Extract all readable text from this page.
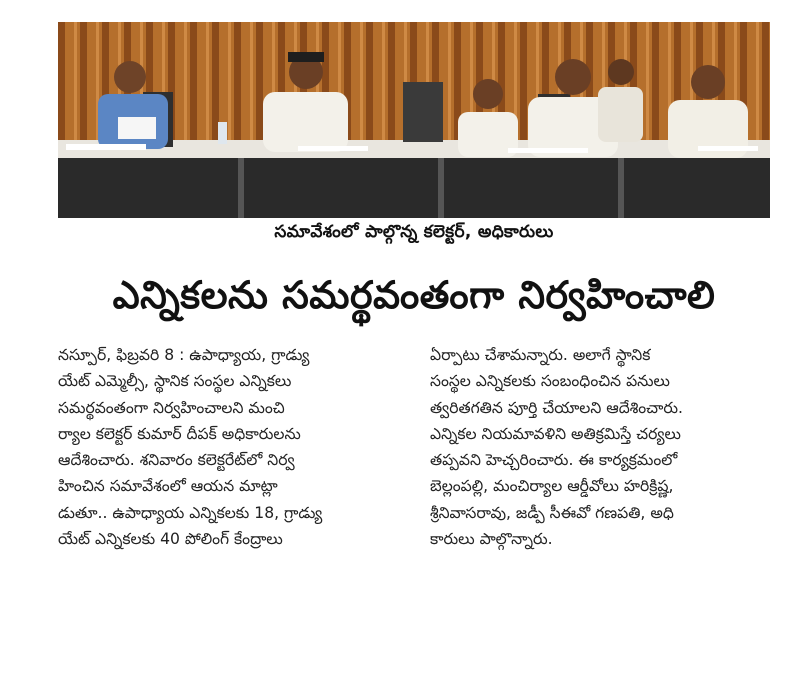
సమావేశంలో పాల్గొన్న కలెక్టర్, అధికారులు
ఎన్నికలను సమర్థవంతంగా నిర్వహించాలి
నస్పూర్, ఫిబ్రవరి 8 : ఉపాధ్యాయ, గ్రాడ్యు
యేట్ ఎమ్మెల్సీ, స్థానిక సంస్థల ఎన్నికలు
సమర్థవంతంగా నిర్వహించాలని మంచి
ర్యాల కలెక్టర్ కుమార్ దీపక్ అధికారులను
ఆదేశించారు. శనివారం కలెక్టరేట్‌లో నిర్వ
హించిన సమావేశంలో ఆయన మాట్లా
డుతూ.. ఉపాధ్యాయ ఎన్నికలకు 18, గ్రాడ్యు
యేట్ ఎన్నికలకు 40 పోలింగ్ కేంద్రాలు
ఏర్పాటు చేశామన్నారు. అలాగే స్థానిక
సంస్థల ఎన్నికలకు సంబంధించిన పనులు
త్వరితగతిన పూర్తి చేయాలని ఆదేశించారు.
ఎన్నికల నియమావళిని అతిక్రమిస్తే చర్యలు
తప్పవని హెచ్చరించారు. ఈ కార్యక్రమంలో
బెల్లంపల్లి, మంచిర్యాల ఆర్డీవోలు హరిక్రిష్ణ,
శ్రీనివాసరావు, జడ్పీ సీఈవో గణపతి, అధి
కారులు పాల్గొన్నారు.
